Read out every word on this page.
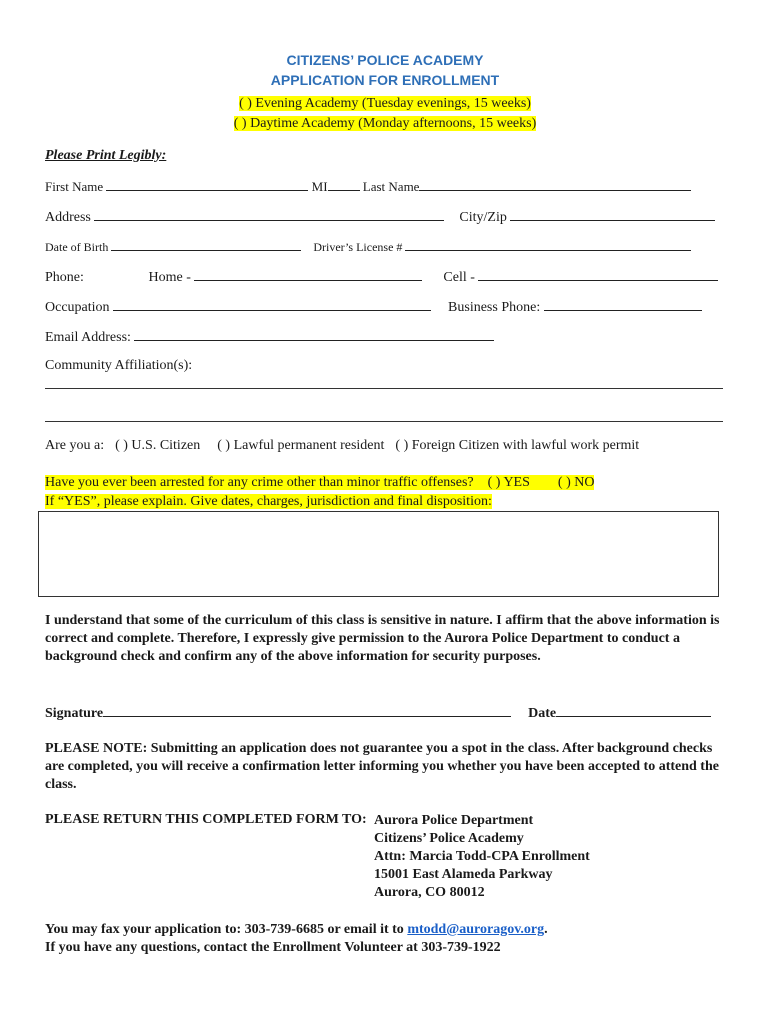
CITIZENS’ POLICE ACADEMY
APPLICATION FOR ENROLLMENT
( ) Evening Academy (Tuesday evenings, 15 weeks)
( ) Daytime Academy (Monday afternoons, 15 weeks)
Please Print Legibly:
First Name	MI	Last Name
Address	City/Zip
Date of Birth	Driver’s License #
Phone:	Home -	Cell -
Occupation	Business Phone:
Email Address:
Community Affiliation(s):
Are you a: ( ) U.S. Citizen ( ) Lawful permanent resident ( ) Foreign Citizen with lawful work permit
Have you ever been arrested for any crime other than minor traffic offenses? ( ) YES ( ) NO
If “YES”, please explain. Give dates, charges, jurisdiction and final disposition:
I understand that some of the curriculum of this class is sensitive in nature. I affirm that the above information is correct and complete. Therefore, I expressly give permission to the Aurora Police Department to conduct a background check and confirm any of the above information for security purposes.
Signature	Date
PLEASE NOTE: Submitting an application does not guarantee you a spot in the class. After background checks are completed, you will receive a confirmation letter informing you whether you have been accepted to attend the class.
PLEASE RETURN THIS COMPLETED FORM TO: Aurora Police Department
Citizens’ Police Academy
Attn: Marcia Todd-CPA Enrollment
15001 East Alameda Parkway
Aurora, CO 80012
You may fax your application to: 303-739-6685 or email it to mtodd@auroragov.org.
If you have any questions, contact the Enrollment Volunteer at 303-739-1922
